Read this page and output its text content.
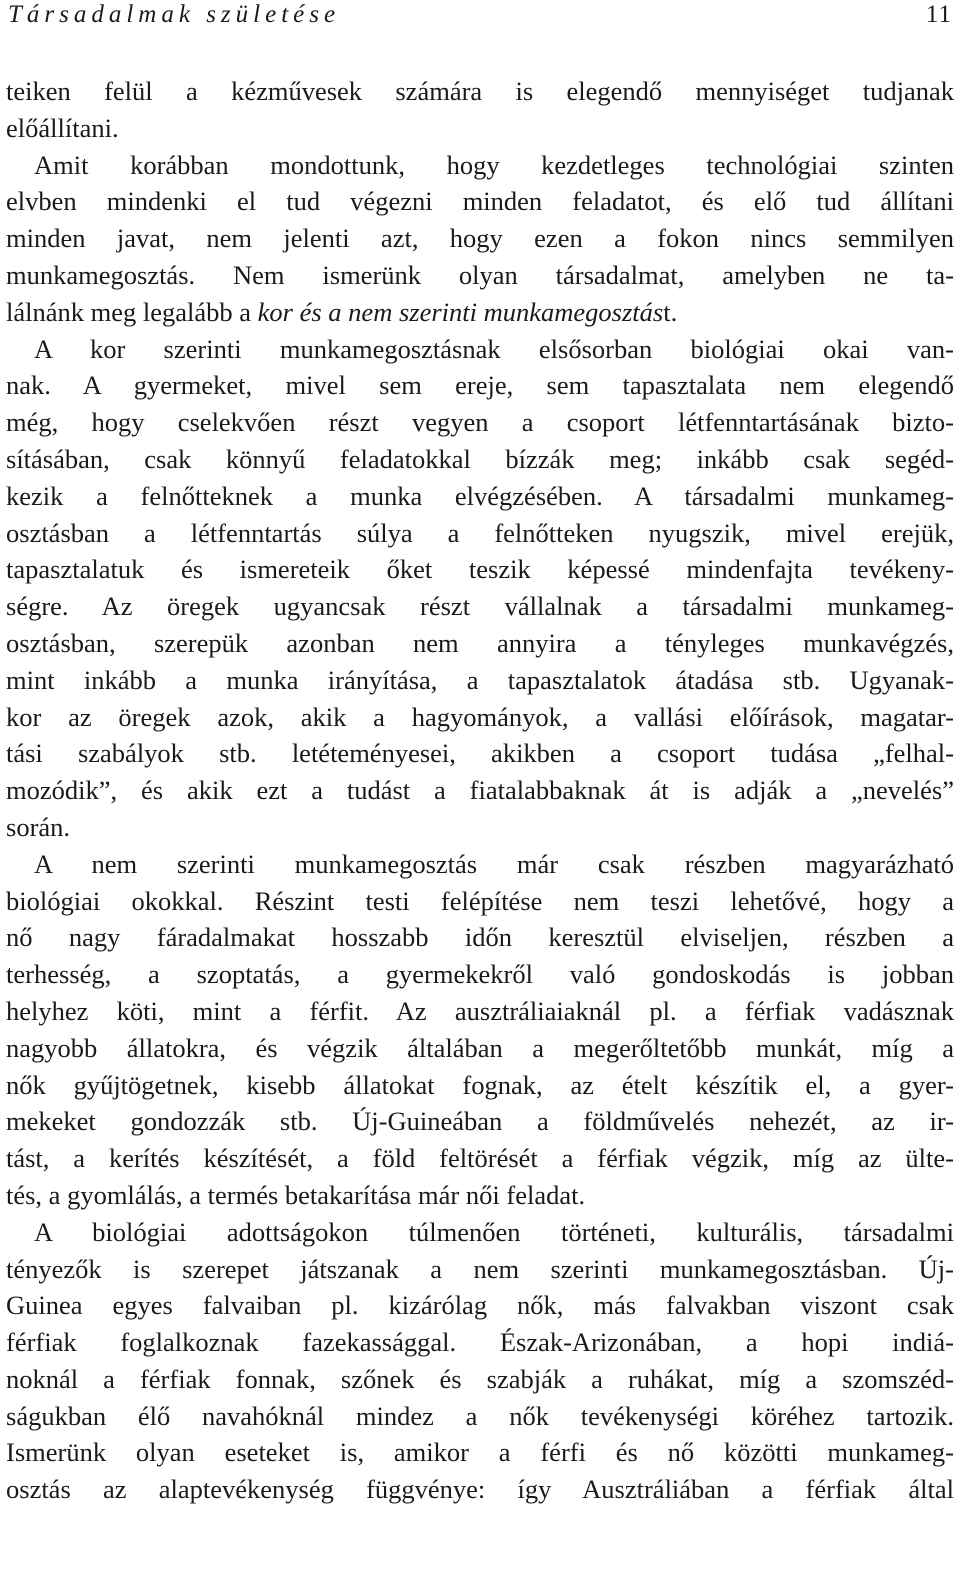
Társadalmak születése	11
teiken felül a kézművesek számára is elegendő mennyiséget tudjanak
előállítani.
Amit korábban mondottunk, hogy kezdetleges technológiai szinten
elvben mindenki el tud végezni minden feladatot, és elő tud állítani
minden javat, nem jelenti azt, hogy ezen a fokon nincs semmilyen
munkamegosztás. Nem ismerünk olyan társadalmat, amelyben ne ta-
lálnánk meg legalább a kor és a nem szerinti munkamegosztást.
A kor szerinti munkamegosztásnak elsősorban biológiai okai van-
nak. A gyermeket, mivel sem ereje, sem tapasztalata nem elegendő
még, hogy cselekvően részt vegyen a csoport létfenntartásának bizto-
sításában, csak könnyű feladatokkal bízzák meg; inkább csak segéd-
kezik a felnőtteknek a munka elvégzésében. A társadalmi munkameg-
osztásban a létfenntartás súlya a felnőtteken nyugszik, mivel erejük,
tapasztalatuk és ismereteik őket teszik képessé mindenfajta tevékeny-
ségre. Az öregek ugyancsak részt vállalnak a társadalmi munkameg-
osztásban, szerepük azonban nem annyira a tényleges munkavégzés,
mint inkább a munka irányítása, a tapasztalatok átadása stb. Ugyanak-
kor az öregek azok, akik a hagyományok, a vallási előírások, magatar-
tási szabályok stb. letéteményesei, akikben a csoport tudása „felhal-
mozódik”, és akik ezt a tudást a fiatalabbaknak át is adják a „nevelés”
során.
A nem szerinti munkamegosztás már csak részben magyarázható
biológiai okokkal. Részint testi felépítése nem teszi lehetővé, hogy a
nő nagy fáradalmakat hosszabb időn keresztül elviseljen, részben a
terhesség, a szoptatás, a gyermekekről való gondoskodás is jobban
helyhez köti, mint a férfit. Az ausztráliaiaknál pl. a férfiak vadásznak
nagyobb állatokra, és végzik általában a megerőltetőbb munkát, míg a
nők gyűjtögetnek, kisebb állatokat fognak, az ételt készítik el, a gyer-
mekeket gondozzák stb. Új-Guineában a földművelés nehezét, az ir-
tást, a kerítés készítését, a föld feltörését a férfiak végzik, míg az ülte-
tés, a gyomlálás, a termés betakarítása már női feladat.
A biológiai adottságokon túlmenően történeti, kulturális, társadalmi
tényezők is szerepet játszanak a nem szerinti munkamegosztásban. Új-
Guinea egyes falvaiban pl. kizárólag nők, más falvakban viszont csak
férfiak foglalkoznak fazekassággal. Észak-Arizonában, a hopi indiá-
noknál a férfiak fonnak, szőnek és szabják a ruhákat, míg a szomszéd-
ságukban élő navahóknál mindez a nők tevékenységi köréhez tartozik.
Ismerünk olyan eseteket is, amikor a férfi és nő közötti munkameg-
osztás az alaptevékenység függvénye: így Ausztráliában a férfiak által
